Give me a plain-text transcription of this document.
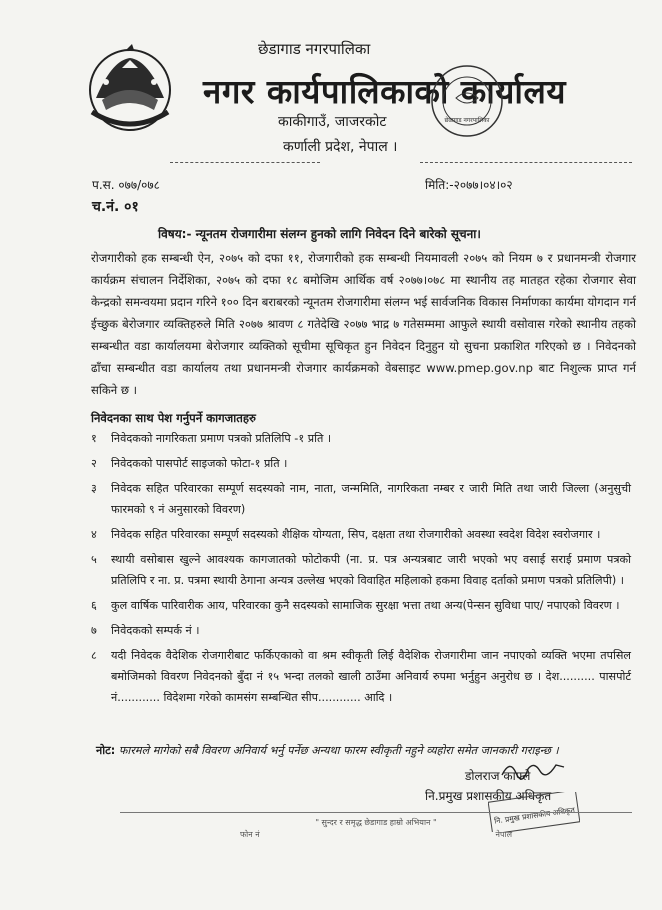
छेडागाड नगरपालिका
नगर कार्यपालिकाको कार्यालय
काकीगाउँ, जाजरकोट
कर्णाली प्रदेश, नेपाल ।
छेडागाड नगरपालिका
प.स. ०७७/०७८
च.नं. ०१
मिति:-२०७७।०४।०२
विषय:- न्यूनतम रोजगारीमा संलग्न हुनको लागि निवेदन दिने बारेको सूचना।
रोजगारीको हक सम्बन्धी ऐन, २०७५ को दफा ११, रोजगारीको हक सम्बन्धी नियमावली २०७५ को नियम ७ र प्रधानमन्त्री रोजगार कार्यक्रम संचालन निर्देशिका, २०७५ को दफा १८ बमोजिम आर्थिक वर्ष २०७७।०७८ मा स्थानीय तह मातहत रहेका रोजगार सेवा केन्द्रको समन्वयमा प्रदान गरिने १०० दिन बराबरको न्यूनतम रोजगारीमा संलग्न भई सार्वजनिक विकास निर्माणका कार्यमा योगदान गर्न ईच्छुक बेरोजगार व्यक्तिहरुले मिति २०७७ श्रावण ८ गतेदेखि २०७७ भाद्र ७ गतेसम्ममा आफुले स्थायी वसोवास गरेको स्थानीय तहको सम्बन्धीत वडा कार्यालयमा बेरोजगार व्यक्तिको सूचीमा सूचिकृत हुन निवेदन दिनुहुन यो सुचना प्रकाशित गरिएको छ । निवेदनको ढाँचा सम्बन्धीत वडा कार्यालय तथा प्रधानमन्त्री रोजगार कार्यक्रमको वेबसाइट www.pmep.gov.np बाट निशुल्क प्राप्त गर्न सकिने छ ।
निवेदनका साथ पेश गर्नुपर्ने कागजातहरु
१	निवेदकको नागरिकता प्रमाण पत्रको प्रतिलिपि -१ प्रति ।
२	निवेदकको पासपोर्ट साइजको फोटा-१ प्रति ।
३	निवेदक सहित परिवारका सम्पूर्ण सदस्यको नाम, नाता, जन्ममिति, नागरिकता नम्बर र जारी मिति तथा जारी जिल्ला (अनुसुची फारमको ९ नं अनुसारको विवरण)
४	निवेदक सहित परिवारका सम्पूर्ण सदस्यको शैक्षिक योग्यता, सिप, दक्षता तथा रोजगारीको अवस्था स्वदेश विदेश स्वरोजगार ।
५	स्थायी वसोबास खुल्ने आवश्यक कागजातको फोटोकपी (ना. प्र. पत्र अन्यत्रबाट जारी भएको भए वसाई सराई प्रमाण पत्रको प्रतिलिपि र ना. प्र. पत्रमा स्थायी ठेगाना अन्यत्र उल्लेख भएको विवाहित महिलाको हकमा विवाह दर्ताको प्रमाण पत्रको प्रतिलिपी) ।
६	कुल वार्षिक पारिवारीक आय, परिवारका कुनै सदस्यको सामाजिक सुरक्षा भत्ता तथा अन्य(पेन्सन सुविधा पाए/ नपाएको विवरण ।
७	निवेदकको सम्पर्क नं ।
८	यदी निवेदक वैदेशिक रोजगारीबाट फर्किएकाको वा श्रम स्वीकृती लिई वैदेशिक रोजगारीमा जान नपाएको व्यक्ति भएमा तपसिल बमोजिमको विवरण निवेदनको बुँदा नं १५ भन्दा तलको खाली ठाउँमा अनिवार्य रुपमा भर्नुहुन अनुरोध छ । देश.......... पासपोर्ट नं............ विदेशमा गरेको कामसंग सम्बन्धित सीप............ आदि ।
नोट: फारमले मागेको सबै विवरण अनिवार्य भर्नु पर्नेछ अन्यथा फारम स्वीकृती नहुने व्यहोरा समेत जानकारी गराइन्छ ।
डोलराज काफ्ले
नि.प्रमुख प्रशासकीय अधिकृत
नि. प्रमुख प्रशासकीय अधिकृत
" सुन्दर र समृद्ध छेडागाड हाम्रो अभियान "
फोन नं	नेपाल
